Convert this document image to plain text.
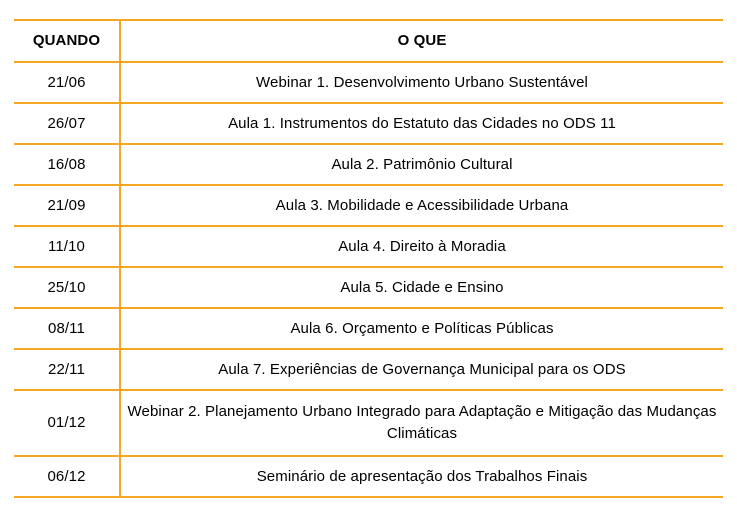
QUANDO	O QUE
21/06	Webinar 1. Desenvolvimento Urbano Sustentável
26/07	Aula 1. Instrumentos do Estatuto das Cidades no ODS 11
16/08	Aula 2. Patrimônio Cultural
21/09	Aula 3. Mobilidade e Acessibilidade Urbana
11/10	Aula 4. Direito à Moradia
25/10	Aula 5. Cidade e Ensino
08/11	Aula 6. Orçamento e Políticas Públicas
22/11	Aula 7. Experiências de Governança Municipal para os ODS
01/12	Webinar 2. Planejamento Urbano Integrado para Adaptação e Mitigação das Mudanças Climáticas
06/12	Seminário de apresentação dos Trabalhos Finais
